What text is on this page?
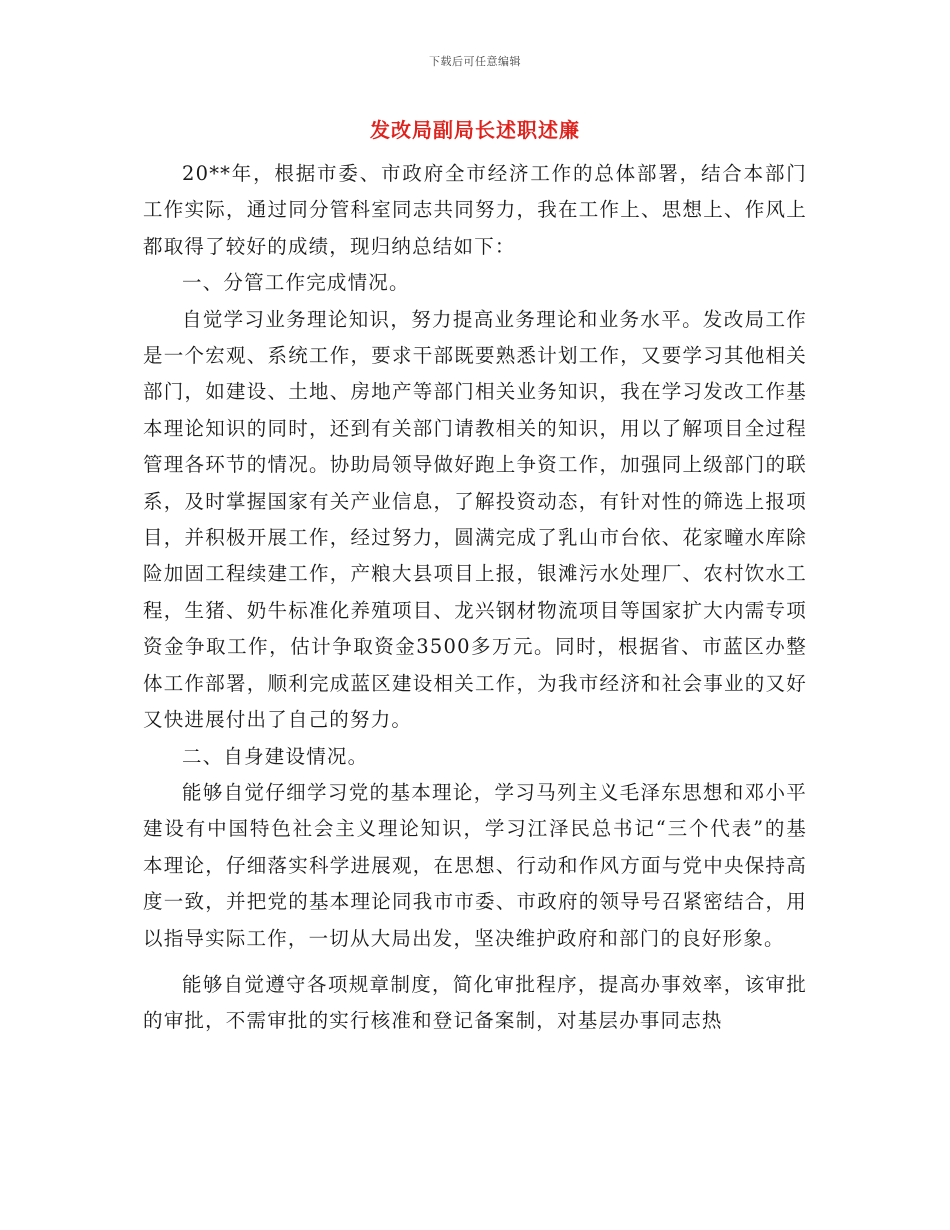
下载后可任意编辑
发改局副局长述职述廉

20**年，根据市委、市政府全市经济工作的总体部署，结合本部门工作实际，通过同分管科室同志共同努力，我在工作上、思想上、作风上都取得了较好的成绩，现归纳总结如下：

一、分管工作完成情况。

自觉学习业务理论知识，努力提高业务理论和业务水平。发改局工作是一个宏观、系统工作，要求干部既要熟悉计划工作，又要学习其他相关部门，如建设、土地、房地产等部门相关业务知识，我在学习发改工作基本理论知识的同时，还到有关部门请教相关的知识，用以了解项目全过程管理各环节的情况。协助局领导做好跑上争资工作，加强同上级部门的联系，及时掌握国家有关产业信息，了解投资动态，有针对性的筛选上报项目，并积极开展工作，经过努力，圆满完成了乳山市台依、花家疃水库除险加固工程续建工作，产粮大县项目上报，银滩污水处理厂、农村饮水工程，生猪、奶牛标准化养殖项目、龙兴钢材物流项目等国家扩大内需专项资金争取工作，估计争取资金3500多万元。同时，根据省、市蓝区办整体工作部署，顺利完成蓝区建设相关工作，为我市经济和社会事业的又好又快进展付出了自己的努力。

二、自身建设情况。

能够自觉仔细学习党的基本理论，学习马列主义毛泽东思想和邓小平建设有中国特色社会主义理论知识，学习江泽民总书记“三个代表”的基本理论，仔细落实科学进展观，在思想、行动和作风方面与党中央保持高度一致，并把党的基本理论同我市市委、市政府的领导号召紧密结合，用以指导实际工作，一切从大局出发，坚决维护政府和部门的良好形象。

能够自觉遵守各项规章制度，简化审批程序，提高办事效率，该审批的审批，不需审批的实行核准和登记备案制，对基层办事同志热
